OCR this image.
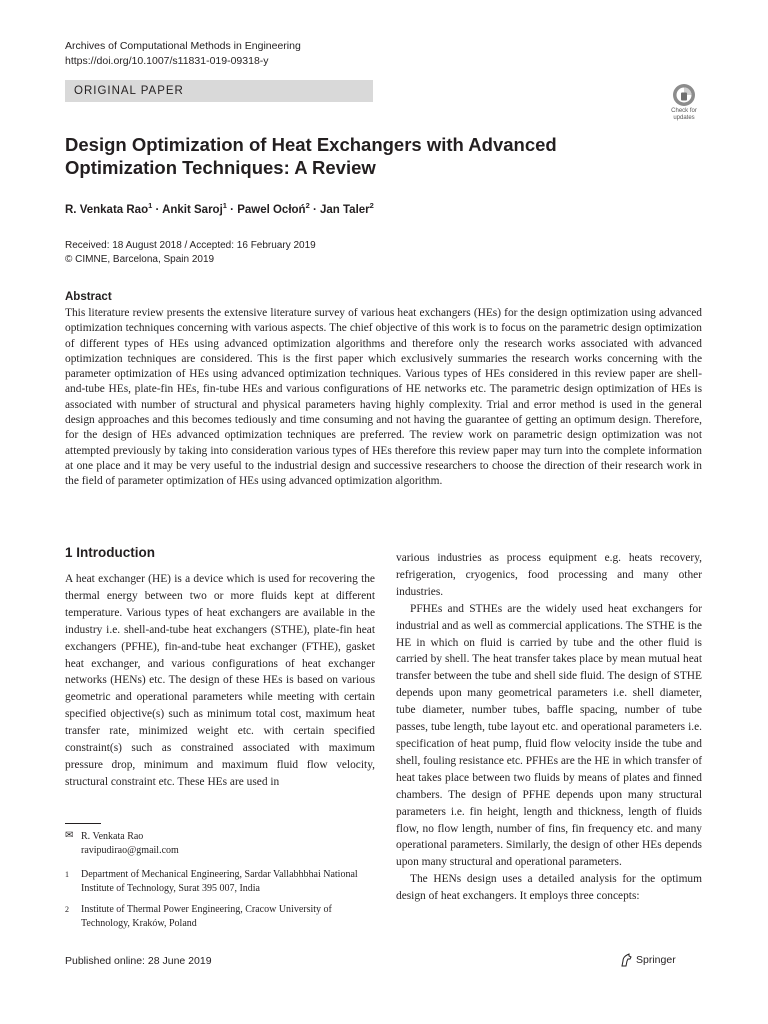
Archives of Computational Methods in Engineering
https://doi.org/10.1007/s11831-019-09318-y
ORIGINAL PAPER
Check for
updates
Design Optimization of Heat Exchangers with Advanced Optimization Techniques: A Review
R. Venkata Rao$^1$ · Ankit Saroj$^1$ · Pawel Ocłoń$^2$ · Jan Taler$^2$
Received: 18 August 2018 / Accepted: 16 February 2019
© CIMNE, Barcelona, Spain 2019
Abstract

This literature review presents the extensive literature survey of various heat exchangers (HEs) for the design optimization using advanced optimization techniques concerning with various aspects. The chief objective of this work is to focus on the parametric design optimization of different types of HEs using advanced optimization algorithms and therefore only the research works associated with advanced optimization techniques are considered. This is the first paper which exclusively summaries the research works concerning with the parameter optimization of HEs using advanced optimization techniques. Various types of HEs considered in this review paper are shell-and-tube HEs, plate-fin HEs, fin-tube HEs and various configurations of HE networks etc. The parametric design optimization of HEs is associated with number of structural and physical parameters having highly complexity. Trial and error method is used in the general design approaches and this becomes tediously and time consuming and not having the guarantee of getting an optimum design. Therefore, for the design of HEs advanced optimization techniques are preferred. The review work on parametric design optimization was not attempted previously by taking into consideration various types of HEs therefore this review paper may turn into the complete information at one place and it may be very useful to the industrial design and successive researchers to choose the direction of their research work in the field of parameter optimization of HEs using advanced optimization algorithm.

1 Introduction

A heat exchanger (HE) is a device which is used for recovering the thermal energy between two or more fluids kept at different temperature. Various types of heat exchangers are available in the industry i.e. shell-and-tube heat exchangers (STHE), plate-fin heat exchangers (PFHE), fin-and-tube heat exchanger (FTHE), gasket heat exchanger, and various configurations of heat exchanger networks (HENs) etc. The design of these HEs is based on various geometric and operational parameters while meeting with certain specified objective(s) such as minimum total cost, maximum heat transfer rate, minimized weight etc. with certain specified constraint(s) such as constrained associated with maximum pressure drop, minimum and maximum fluid flow velocity, structural constraint etc. These HEs are used in

various industries as process equipment e.g. heats recovery, refrigeration, cryogenics, food processing and many other industries.

PFHEs and STHEs are the widely used heat exchangers for industrial and as well as commercial applications. The STHE is the HE in which on fluid is carried by tube and the other fluid is carried by shell. The heat transfer takes place by mean mutual heat transfer between the tube and shell side fluid. The design of STHE depends upon many geometrical parameters i.e. shell diameter, tube diameter, number tubes, baffle spacing, number of tube passes, tube length, tube layout etc. and operational parameters i.e. specification of heat pump, fluid flow velocity inside the tube and shell, fouling resistance etc. PFHEs are the HE in which transfer of heat takes place between two fluids by means of plates and finned chambers. The design of PFHE depends upon many structural parameters i.e. fin height, length and thickness, length of fluids flow, no flow length, number of fins, fin frequency etc. and many operational parameters. Similarly, the design of other HEs depends upon many structural and operational parameters.

The HENs design uses a detailed analysis for the optimum design of heat exchangers. It employs three concepts:

✉ R. Venkata Rao
ravipudirao@gmail.com
1 Department of Mechanical Engineering, Sardar Vallabhbhai National Institute of Technology, Surat 395 007, India
2 Institute of Thermal Power Engineering, Cracow University of Technology, Kraków, Poland
Published online: 28 June 2019	Springer
